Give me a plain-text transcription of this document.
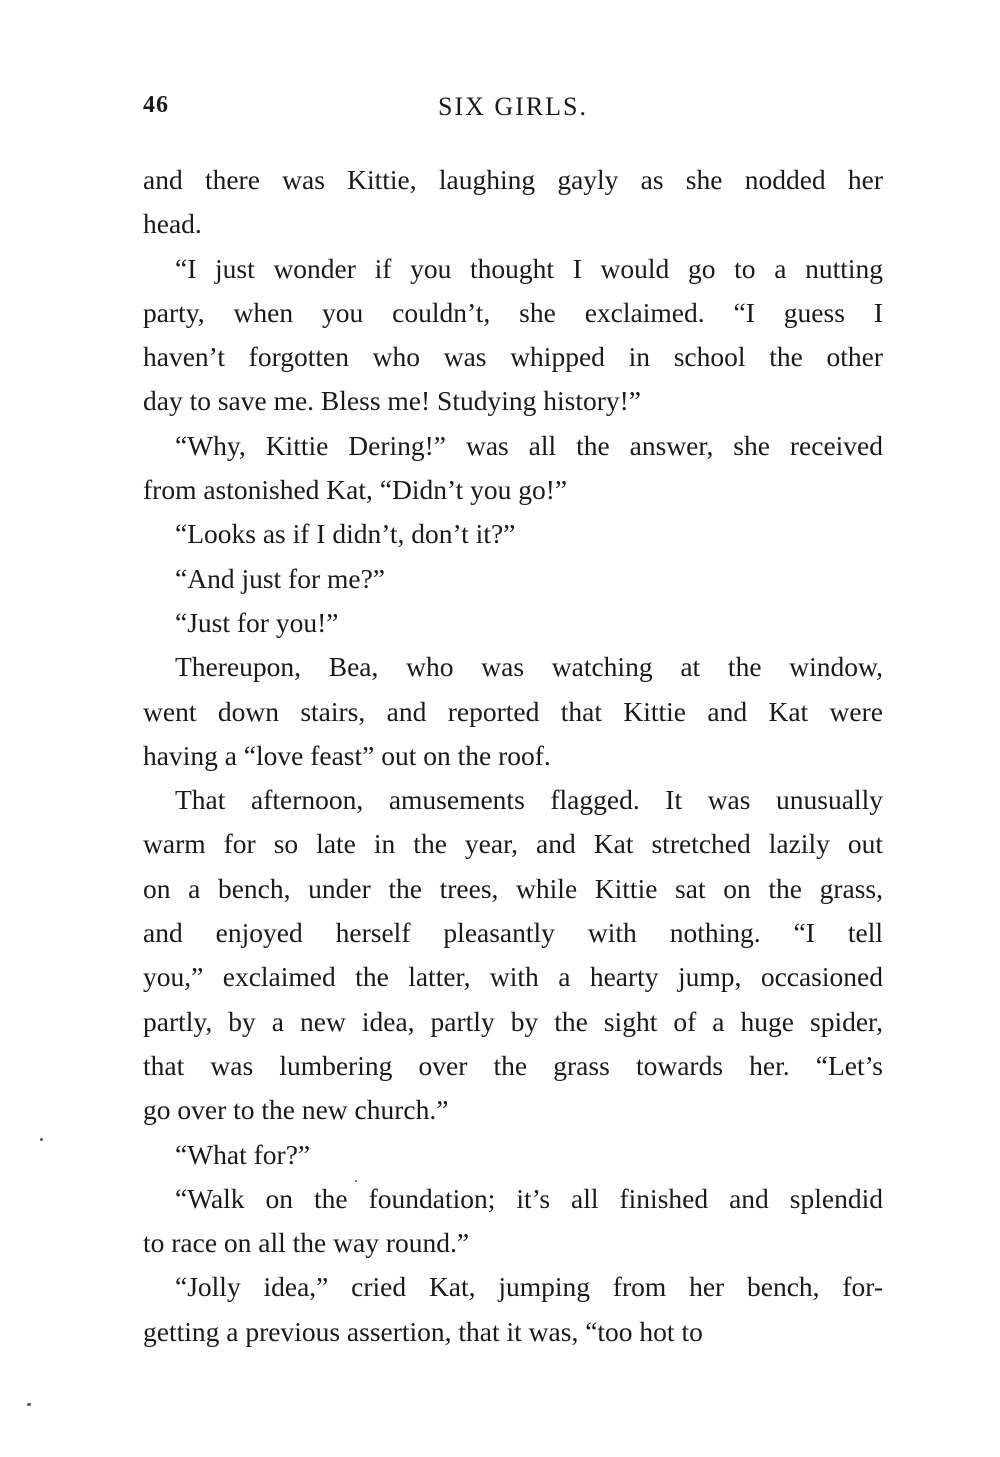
46	SIX GIRLS.

and there was Kittie, laughing gayly as she nodded her
head.

“I just wonder if you thought I would go to a nutting
party, when you couldn’t, she exclaimed. “I guess I
haven’t forgotten who was whipped in school the other
day to save me. Bless me! Studying history!”

“Why, Kittie Dering!” was all the answer, she received
from astonished Kat, “Didn’t you go!”

“Looks as if I didn’t, don’t it?”

“And just for me?”

“Just for you!”

Thereupon, Bea, who was watching at the window,
went down stairs, and reported that Kittie and Kat were
having a “love feast” out on the roof.

That afternoon, amusements flagged. It was unusually
warm for so late in the year, and Kat stretched lazily out
on a bench, under the trees, while Kittie sat on the grass,
and enjoyed herself pleasantly with nothing. “I tell
you,” exclaimed the latter, with a hearty jump, occasioned
partly, by a new idea, partly by the sight of a huge spider,
that was lumbering over the grass towards her. “Let’s
go over to the new church.”

“What for?”

“Walk on the foundation; it’s all finished and splendid
to race on all the way round.”

“Jolly idea,” cried Kat, jumping from her bench, for-
getting a previous assertion, that it was, “too hot to
